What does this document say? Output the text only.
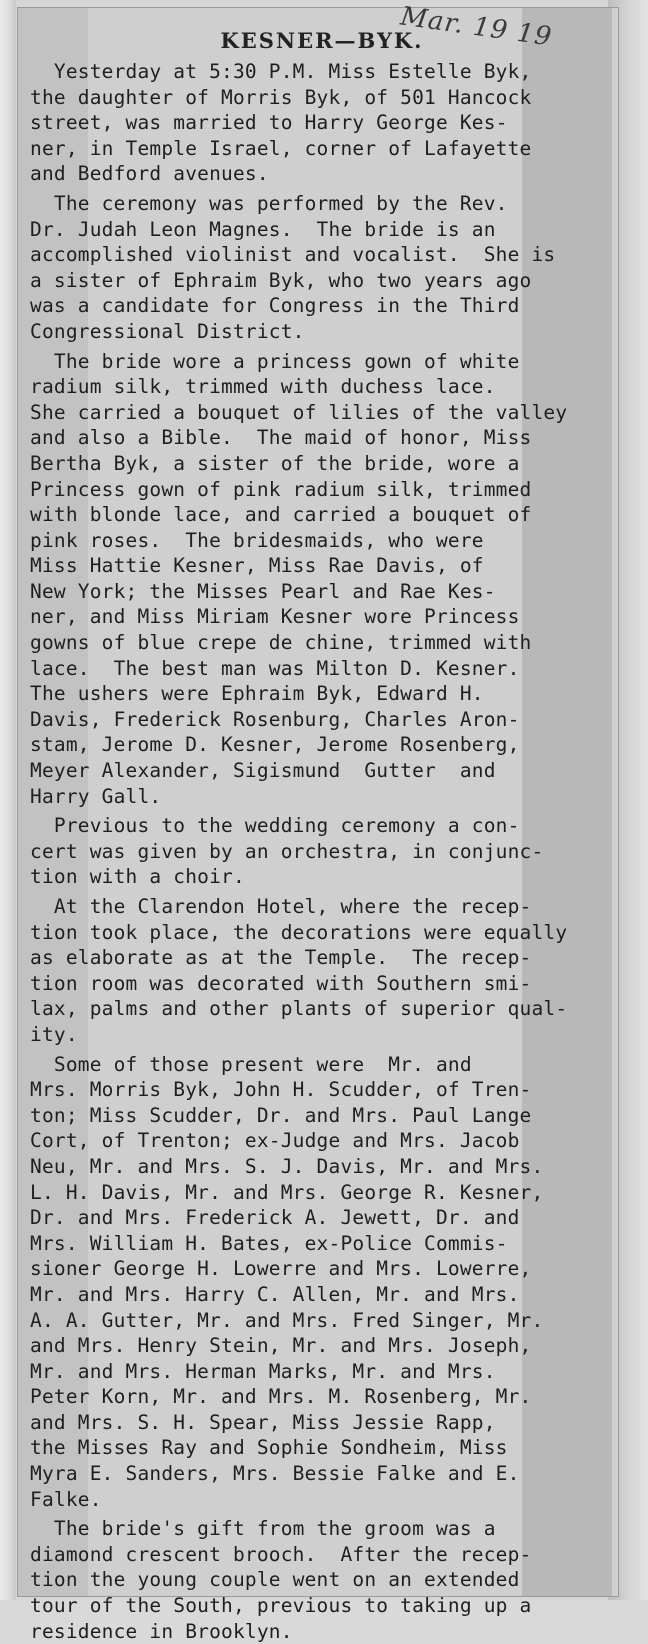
Mar. 19 19
KESNER—BYK.

Yesterday at 5:30 P.M. Miss Estelle Byk,
the daughter of Morris Byk, of 501 Hancock
street, was married to Harry George Kes-
ner, in Temple Israel, corner of Lafayette
and Bedford avenues.

The ceremony was performed by the Rev.
Dr. Judah Leon Magnes.  The bride is an
accomplished violinist and vocalist.  She is
a sister of Ephraim Byk, who two years ago
was a candidate for Congress in the Third
Congressional District.

The bride wore a princess gown of white
radium silk, trimmed with duchess lace.
She carried a bouquet of lilies of the valley
and also a Bible.  The maid of honor, Miss
Bertha Byk, a sister of the bride, wore a
Princess gown of pink radium silk, trimmed
with blonde lace, and carried a bouquet of
pink roses.  The bridesmaids, who were
Miss Hattie Kesner, Miss Rae Davis, of
New York; the Misses Pearl and Rae Kes-
ner, and Miss Miriam Kesner wore Princess
gowns of blue crepe de chine, trimmed with
lace.  The best man was Milton D. Kesner.
The ushers were Ephraim Byk, Edward H.
Davis, Frederick Rosenburg, Charles Aron-
stam, Jerome D. Kesner, Jerome Rosenberg,
Meyer Alexander, Sigismund  Gutter  and
Harry Gall.

Previous to the wedding ceremony a con-
cert was given by an orchestra, in conjunc-
tion with a choir.

At the Clarendon Hotel, where the recep-
tion took place, the decorations were equally
as elaborate as at the Temple.  The recep-
tion room was decorated with Southern smi-
lax, palms and other plants of superior qual-
ity.

Some of those present were  Mr. and
Mrs. Morris Byk, John H. Scudder, of Tren-
ton; Miss Scudder, Dr. and Mrs. Paul Lange
Cort, of Trenton; ex-Judge and Mrs. Jacob
Neu, Mr. and Mrs. S. J. Davis, Mr. and Mrs.
L. H. Davis, Mr. and Mrs. George R. Kesner,
Dr. and Mrs. Frederick A. Jewett, Dr. and
Mrs. William H. Bates, ex-Police Commis-
sioner George H. Lowerre and Mrs. Lowerre,
Mr. and Mrs. Harry C. Allen, Mr. and Mrs.
A. A. Gutter, Mr. and Mrs. Fred Singer, Mr.
and Mrs. Henry Stein, Mr. and Mrs. Joseph,
Mr. and Mrs. Herman Marks, Mr. and Mrs.
Peter Korn, Mr. and Mrs. M. Rosenberg, Mr.
and Mrs. S. H. Spear, Miss Jessie Rapp,
the Misses Ray and Sophie Sondheim, Miss
Myra E. Sanders, Mrs. Bessie Falke and E.
Falke.

The bride's gift from the groom was a
diamond crescent brooch.  After the recep-
tion the young couple went on an extended
tour of the South, previous to taking up a
residence in Brooklyn.
